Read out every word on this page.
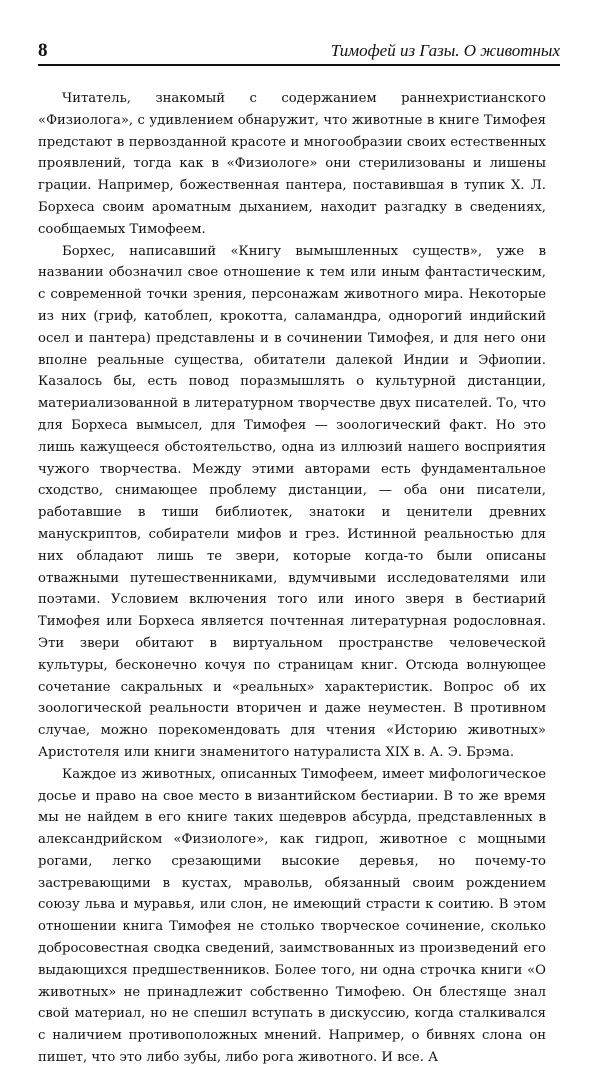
8	Тимофей из Газы. О животных

Читатель, знакомый с содержанием раннехристианского «Физиолога», с удивлением обнаружит, что животные в книге Тимофея предстают в первозданной красоте и многообразии своих естественных проявлений, тогда как в «Физиологе» они стерилизованы и лишены грации. Например, божественная пантера, поставившая в тупик Х. Л. Борхеса своим ароматным дыханием, находит разгадку в сведениях, сообщаемых Тимофеем.

Борхес, написавший «Книгу вымышленных существ», уже в названии обозначил свое отношение к тем или иным фантастическим, с современной точки зрения, персонажам животного мира. Некоторые из них (гриф, катоблеп, крокотта, саламандра, однорогий индийский осел и пантера) представлены и в сочинении Тимофея, и для него они вполне реальные существа, обитатели далекой Индии и Эфиопии. Казалось бы, есть повод поразмышлять о культурной дистанции, материализованной в литературном творчестве двух писателей. То, что для Борхеса вымысел, для Тимофея — зоологический факт. Но это лишь кажущееся обстоятельство, одна из иллюзий нашего восприятия чужого творчества. Между этими авторами есть фундаментальное сходство, снимающее проблему дистанции, — оба они писатели, работавшие в тиши библиотек, знатоки и ценители древних манускриптов, собиратели мифов и грез. Истинной реальностью для них обладают лишь те звери, которые когда-то были описаны отважными путешественниками, вдумчивыми исследователями или поэтами. Условием включения того или иного зверя в бестиарий Тимофея или Борхеса является почтенная литературная родословная. Эти звери обитают в виртуальном пространстве человеческой культуры, бесконечно кочуя по страницам книг. Отсюда волнующее сочетание сакральных и «реальных» характеристик. Вопрос об их зоологической реальности вторичен и даже неуместен. В противном случае, можно порекомендовать для чтения «Историю животных» Аристотеля или книги знаменитого натуралиста XIX в. А. Э. Брэма.

Каждое из животных, описанных Тимофеем, имеет мифологическое досье и право на свое место в византийском бестиарии. В то же время мы не найдем в его книге таких шедевров абсурда, представленных в александрийском «Физиологе», как гидроп, животное с мощными рогами, легко срезающими высокие деревья, но почему-то застревающими в кустах, мравольв, обязанный своим рождением союзу льва и муравья, или слон, не имеющий страсти к соитию. В этом отношении книга Тимофея не столько творческое сочинение, сколько добросовестная сводка сведений, заимствованных из произведений его выдающихся предшественников. Более того, ни одна строчка книги «О животных» не принадлежит собственно Тимофею. Он блестяще знал свой материал, но не спешил вступать в дискуссию, когда сталкивался с наличием противоположных мнений. Например, о бивнях слона он пишет, что это либо зубы, либо рога животного. И все. А
